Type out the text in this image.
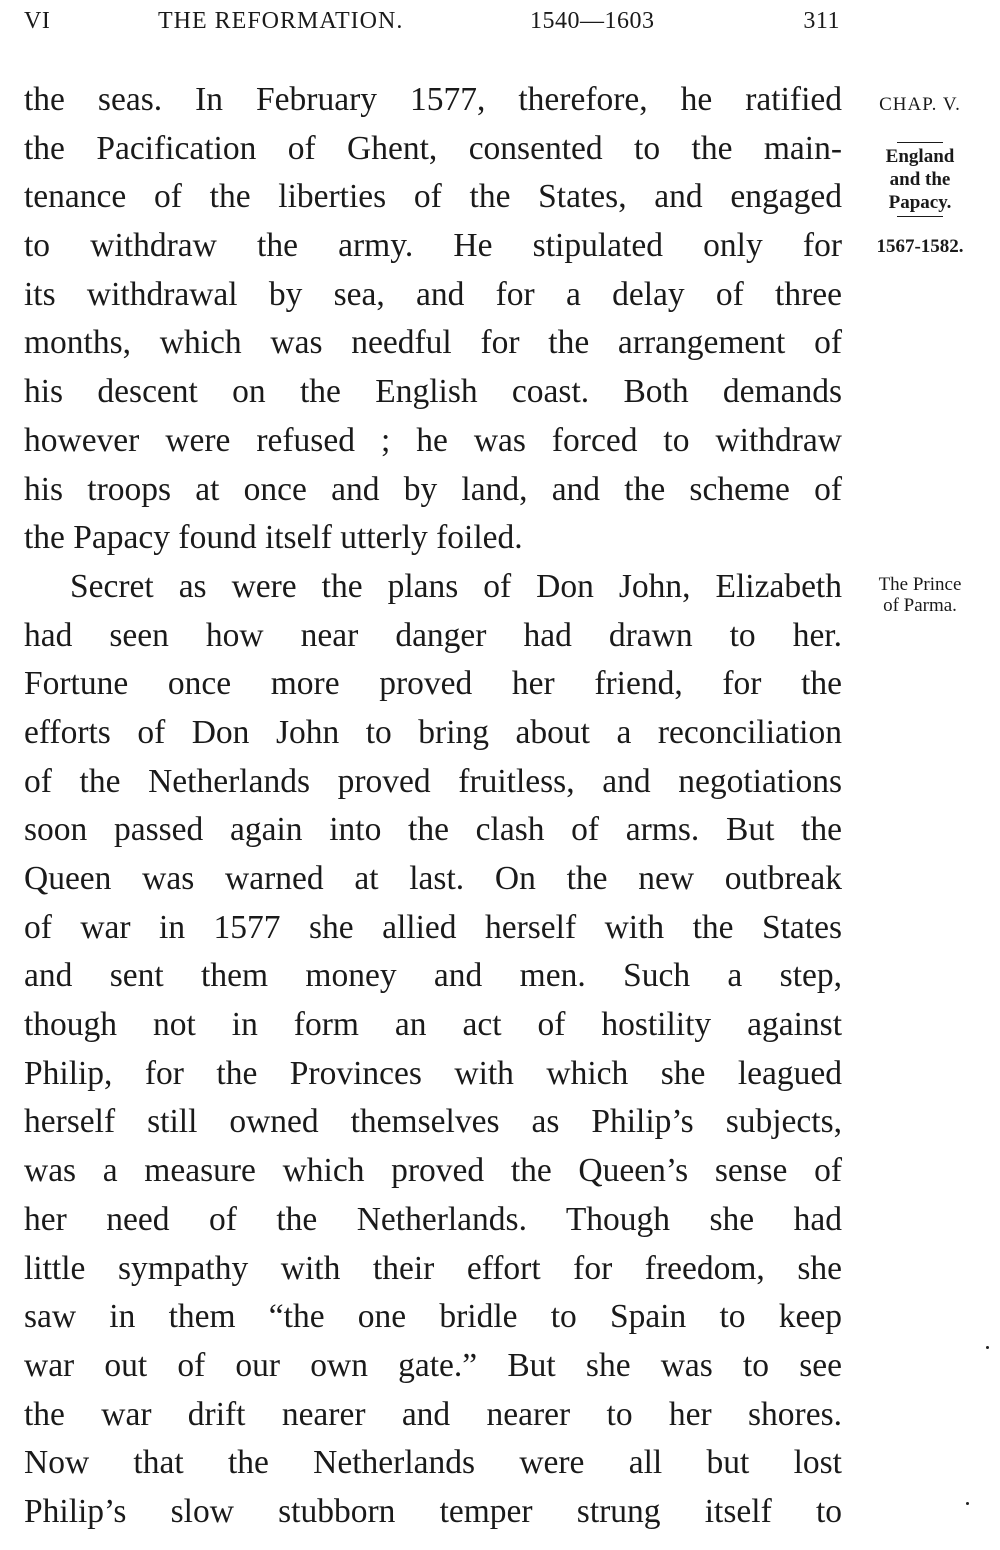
VI	THE REFORMATION.	1540—1603	311
the seas. In February 1577, therefore, he ratified
the Pacification of Ghent, consented to the main-
tenance of the liberties of the States, and engaged
to withdraw the army. He stipulated only for
its withdrawal by sea, and for a delay of three
months, which was needful for the arrangement of
his descent on the English coast. Both demands
however were refused ; he was forced to withdraw
his troops at once and by land, and the scheme of
the Papacy found itself utterly foiled.
Secret as were the plans of Don John, Elizabeth
had seen how near danger had drawn to her.
Fortune once more proved her friend, for the
efforts of Don John to bring about a reconciliation
of the Netherlands proved fruitless, and negotiations
soon passed again into the clash of arms. But the
Queen was warned at last. On the new outbreak
of war in 1577 she allied herself with the States
and sent them money and men. Such a step,
though not in form an act of hostility against
Philip, for the Provinces with which she leagued
herself still owned themselves as Philip’s subjects,
was a measure which proved the Queen’s sense of
her need of the Netherlands. Though she had
little sympathy with their effort for freedom, she
saw in them “the one bridle to Spain to keep
war out of our own gate.” But she was to see
the war drift nearer and nearer to her shores.
Now that the Netherlands were all but lost
Philip’s slow stubborn temper strung itself to
CHAP. V.
England
and the
Papacy.
1567-1582.
The Prince
of Parma.
